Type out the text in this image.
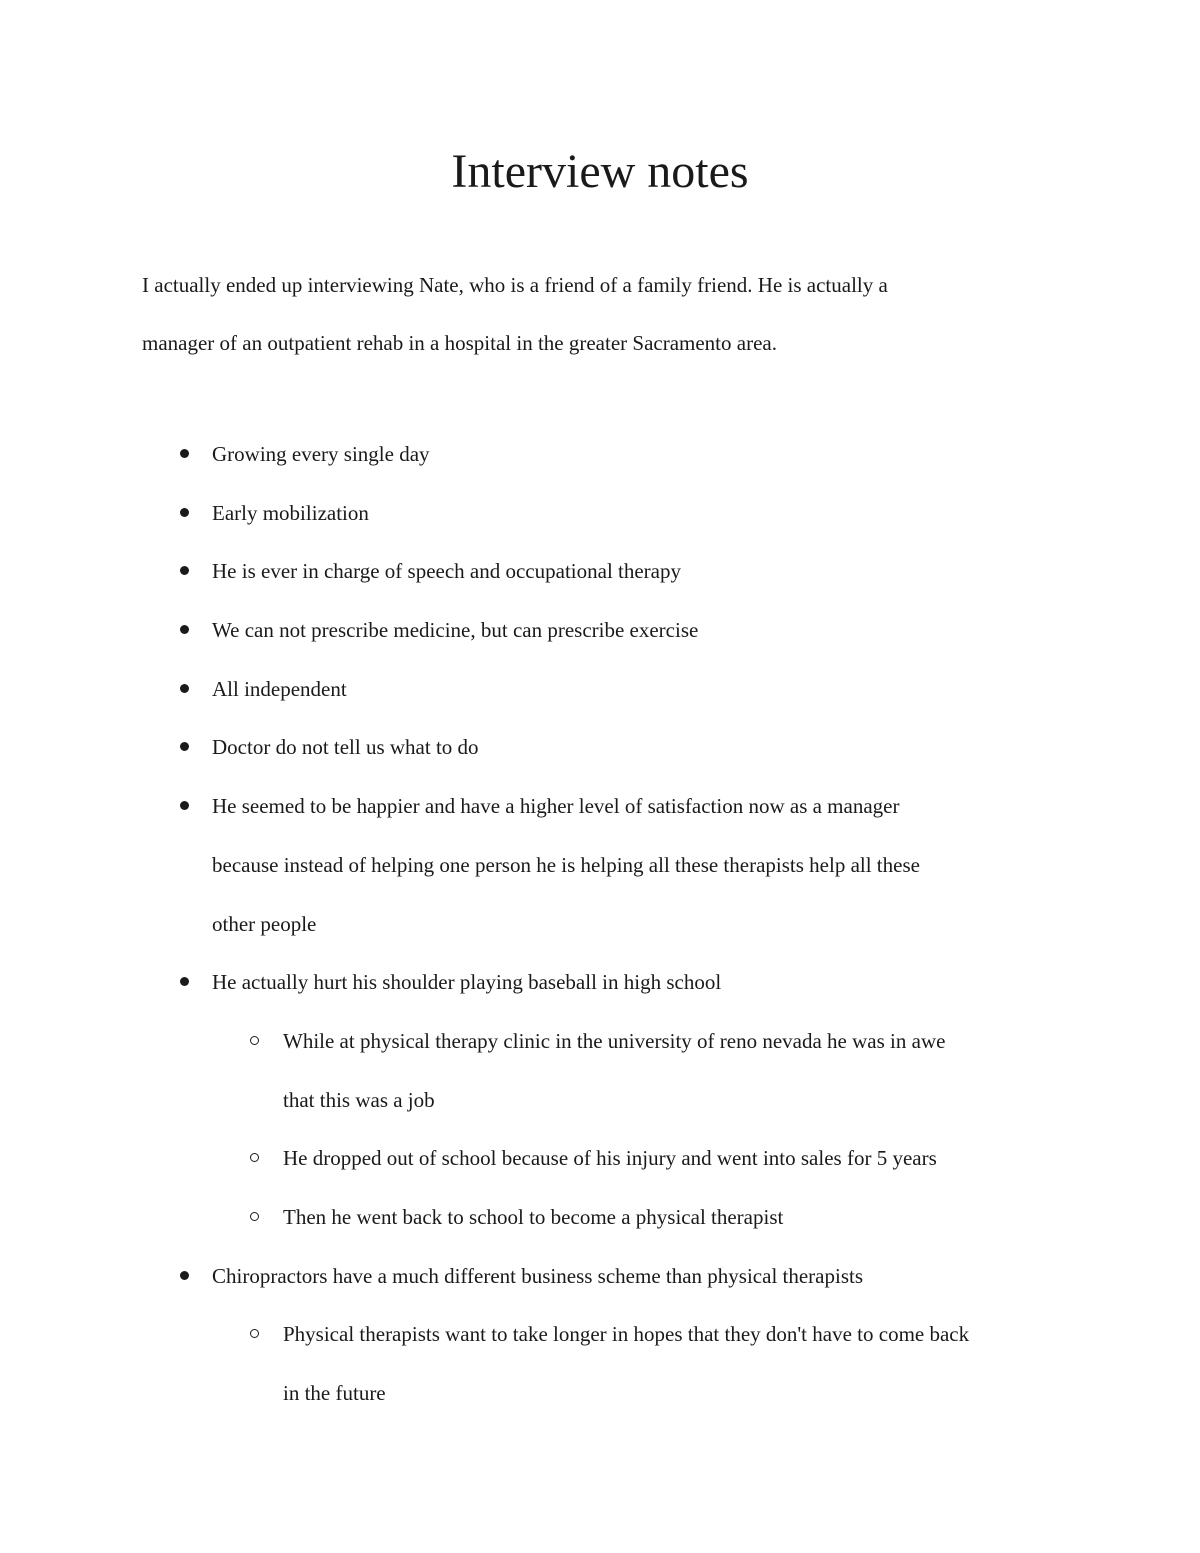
Interview notes

I actually ended up interviewing Nate, who is a friend of a family friend. He is actually a
manager of an outpatient rehab in a hospital in the greater Sacramento area.

Growing every single day
Early mobilization
He is ever in charge of speech and occupational therapy
We can not prescribe medicine, but can prescribe exercise
All independent
Doctor do not tell us what to do
He seemed to be happier and have a higher level of satisfaction now as a manager
because instead of helping one person he is helping all these therapists help all these
other people
He actually hurt his shoulder playing baseball in high school
While at physical therapy clinic in the university of reno nevada he was in awe
that this was a job
He dropped out of school because of his injury and went into sales for 5 years
Then he went back to school to become a physical therapist
Chiropractors have a much different business scheme than physical therapists
Physical therapists want to take longer in hopes that they don't have to come back
in the future
